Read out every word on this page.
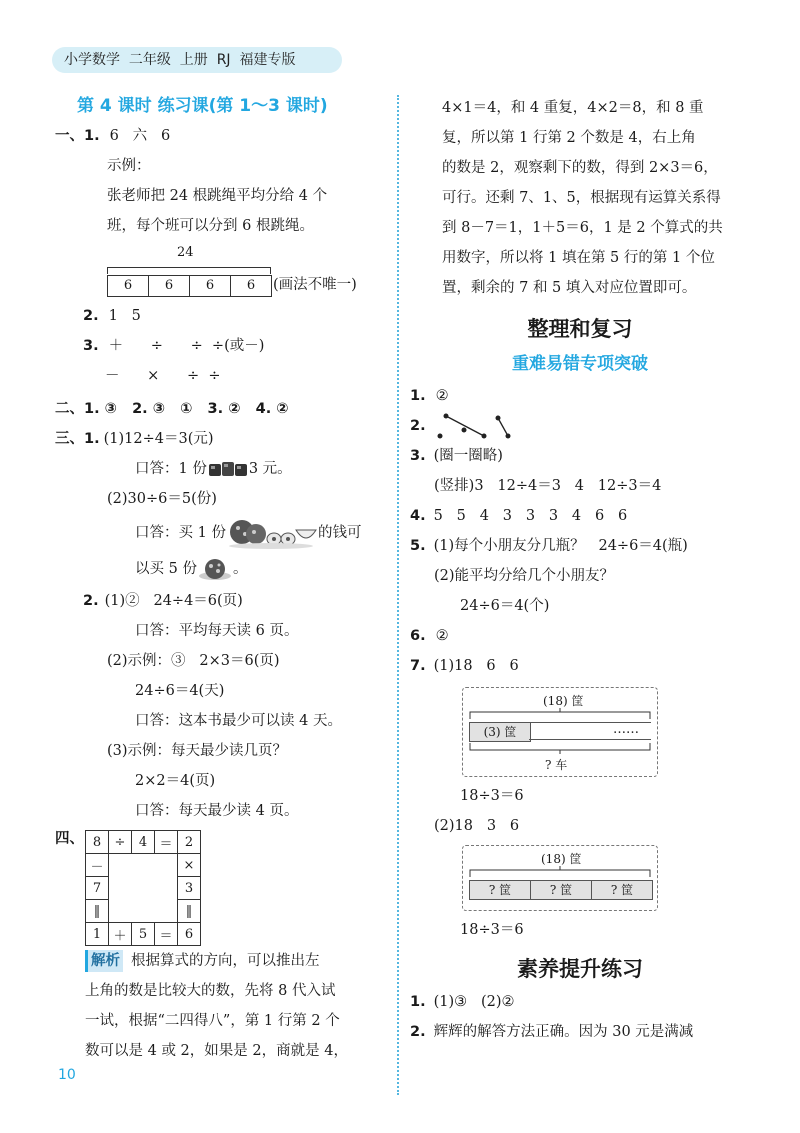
小学数学  二年级  上册  RJ  福建专版
第 4 课时 练习课(第 1～3 课时)
一、1. 6   六   6
示例：
张老师把 24 根跳绳平均分给 4 个
班，每个班可以分到 6 根跳绳。
24
6	6	6	6	(画法不唯一)
2. 1   5
3. ＋      ÷      ÷  ÷(或－)
－      ×      ÷  ÷
二、1. ③   2. ③   ①   3. ②   4. ②
三、1. (1)12÷4＝3(元)
口答：1 份	3 元。
(2)30÷6＝5(份)
口答：买 1 份	的钱可
以买 5 份 。
2. (1)②   24÷4＝6(页)
口答：平均每天读 6 页。
(2)示例：③   2×3＝6(页)
24÷6＝4(天)
口答：这本书最少可以读 4 天。
(3)示例：每天最少读几页？
2×2＝4(页)
口答：每天最少读 4 页。
四、 8	÷	4	＝	2
－				×
7				3
‖				‖
1	＋	5	＝	6
解析 根据算式的方向，可以推出左
上角的数是比较大的数，先将 8 代入试
一试，根据“二四得八”，第 1 行第 2 个
数可以是 4 或 2，如果是 2，商就是 4，
4×1＝4，和 4 重复，4×2＝8，和 8 重
复，所以第 1 行第 2 个数是 4，右上角
的数是 2，观察剩下的数，得到 2×3＝6，
可行。还剩 7、1、5，根据现有运算关系得
到 8－7＝1，1＋5＝6，1 是 2 个算式的共
用数字，所以将 1 填在第 5 行的第 1 个位
置，剩余的 7 和 5 填入对应位置即可。
整理和复习
重难易错专项突破
1. ②
2.
3. (圈一圈略)
(竖排)3   12÷4＝3   4   12÷3＝4
4. 5   5   4   3   3   3   4   6   6
5. (1)每个小朋友分几瓶？   24÷6＝4(瓶)
(2)能平均分给几个小朋友？
24÷6＝4(个)
6. ②
7. (1)18   6   6
(18) 筐
(3) 筐	……
? 车
18÷3＝6
(2)18   3   6
(18) 筐
? 筐	? 筐	? 筐
18÷3＝6
素养提升练习
1. (1)③   (2)②
2. 辉辉的解答方法正确。因为 30 元是满减
10
